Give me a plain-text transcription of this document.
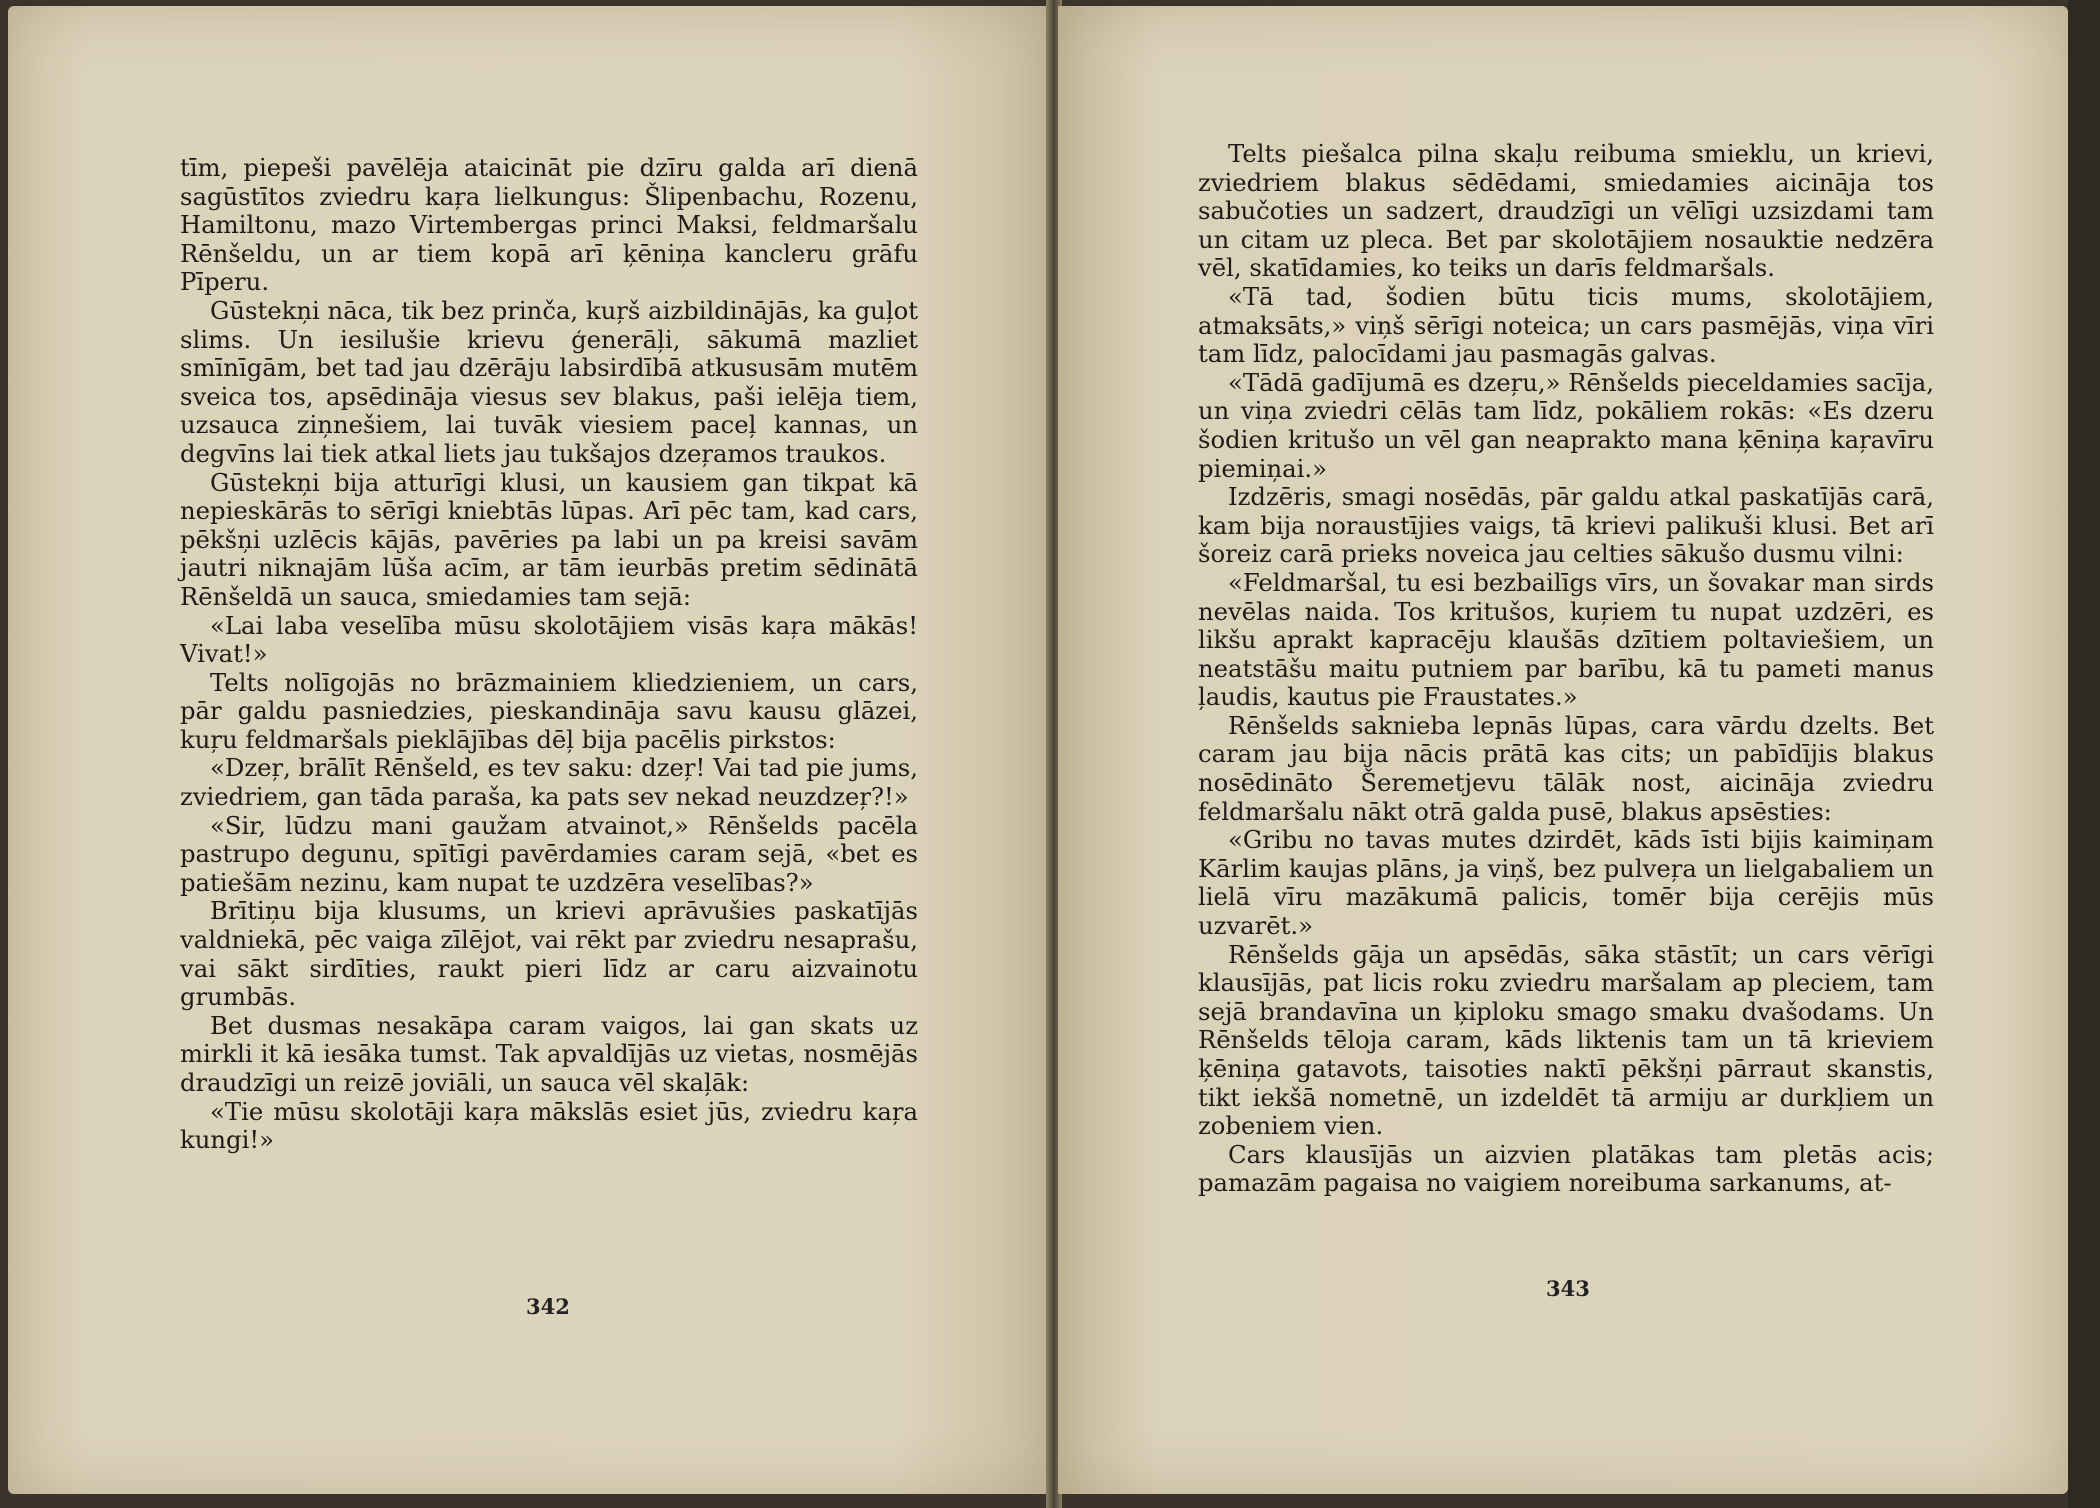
tīm, piepeši pavēlēja ataicināt pie dzīru galda arī dienā sagūstītos zviedru kaŗa lielkungus: Šlipenbachu, Rozenu, Hamiltonu, mazo Virtembergas princi Maksi, feldmaršalu Rēnšeldu, un ar tiem kopā arī ķēniņa kancleru grāfu Pīperu.

Gūstekņi nāca, tik bez prinča, kuŗš aizbildinājās, ka guļot slims. Un iesilušie krievu ģenerāļi, sākumā mazliet smīnīgām, bet tad jau dzērāju labsirdībā atkususām mutēm sveica tos, apsēdināja viesus sev blakus, paši ielēja tiem, uzsauca ziņnešiem, lai tuvāk viesiem paceļ kannas, un degvīns lai tiek atkal liets jau tukšajos dzeŗamos traukos.

Gūstekņi bija atturīgi klusi, un kausiem gan tikpat kā nepieskārās to sērīgi kniebtās lūpas. Arī pēc tam, kad cars, pēkšņi uzlēcis kājās, pavēries pa labi un pa kreisi savām jautri niknajām lūša acīm, ar tām ieurbās pretim sēdinātā Rēnšeldā un sauca, smiedamies tam sejā:

«Lai laba veselība mūsu skolotājiem visās kaŗa mākās! Vivat!»

Telts nolīgojās no brāzmainiem kliedzieniem, un cars, pār galdu pasniedzies, pieskandināja savu kausu glāzei, kuŗu feldmaršals pieklājības dēļ bija pacēlis pirkstos:

«Dzeŗ, brālīt Rēnšeld, es tev saku: dzeŗ! Vai tad pie jums, zviedriem, gan tāda paraša, ka pats sev nekad neuzdzeŗ?!»

«Sir, lūdzu mani gaužam atvainot,» Rēnšelds pacēla pastrupo degunu, spītīgi pavērdamies caram sejā, «bet es patiešām nezinu, kam nupat te uzdzēra veselības?»

Brītiņu bija klusums, un krievi aprāvušies paskatījās valdniekā, pēc vaiga zīlējot, vai rēkt par zviedru nesaprašu, vai sākt sirdīties, raukt pieri līdz ar caru aizvainotu grumbās.

Bet dusmas nesakāpa caram vaigos, lai gan skats uz mirkli it kā iesāka tumst. Tak apvaldījās uz vietas, nosmējās draudzīgi un reizē joviāli, un sauca vēl skaļāk:

«Tie mūsu skolotāji kaŗa mākslās esiet jūs, zviedru kaŗa kungi!»

342

Telts piešalca pilna skaļu reibuma smieklu, un krievi, zviedriem blakus sēdēdami, smiedamies aicināja tos sabučoties un sadzert, draudzīgi un vēlīgi uzsizdami tam un citam uz pleca. Bet par skolotājiem nosauktie nedzēra vēl, skatīdamies, ko teiks un darīs feldmaršals.

«Tā tad, šodien būtu ticis mums, skolotājiem, atmaksāts,» viņš sērīgi noteica; un cars pasmējās, viņa vīri tam līdz, palocīdami jau pasmagās galvas.

«Tādā gadījumā es dzeŗu,» Rēnšelds pieceldamies sacīja, un viņa zviedri cēlās tam līdz, pokāliem rokās: «Es dzeru šodien kritušo un vēl gan neaprakto mana ķēniņa kaŗavīru piemiņai.»

Izdzēris, smagi nosēdās, pār galdu atkal paskatījās carā, kam bija noraustījies vaigs, tā krievi palikuši klusi. Bet arī šoreiz carā prieks noveica jau celties sākušo dusmu vilni:

«Feldmaršal, tu esi bezbailīgs vīrs, un šovakar man sirds nevēlas naida. Tos kritušos, kuŗiem tu nupat uzdzēri, es likšu aprakt kapracēju klaušās dzītiem poltaviešiem, un neatstāšu maitu putniem par barību, kā tu pameti manus ļaudis, kautus pie Fraustates.»

Rēnšelds saknieba lepnās lūpas, cara vārdu dzelts. Bet caram jau bija nācis prātā kas cits; un pabīdījis blakus nosēdināto Šeremetjevu tālāk nost, aicināja zviedru feldmaršalu nākt otrā galda pusē, blakus apsēsties:

«Gribu no tavas mutes dzirdēt, kāds īsti bijis kaimiņam Kārlim kaujas plāns, ja viņš, bez pulveŗa un lielgabaliem un lielā vīru mazākumā palicis, tomēr bija cerējis mūs uzvarēt.»

Rēnšelds gāja un apsēdās, sāka stāstīt; un cars vērīgi klausījās, pat licis roku zviedru maršalam ap pleciem, tam sejā brandavīna un ķiploku smago smaku dvašodams. Un Rēnšelds tēloja caram, kāds liktenis tam un tā krieviem ķēniņa gatavots, taisoties naktī pēkšņi pārraut skanstis, tikt iekšā nometnē, un izdeldēt tā armiju ar durkļiem un zobeniem vien.

Cars klausījās un aizvien platākas tam pletās acis; pamazām pagaisa no vaigiem noreibuma sarkanums, at-

343
